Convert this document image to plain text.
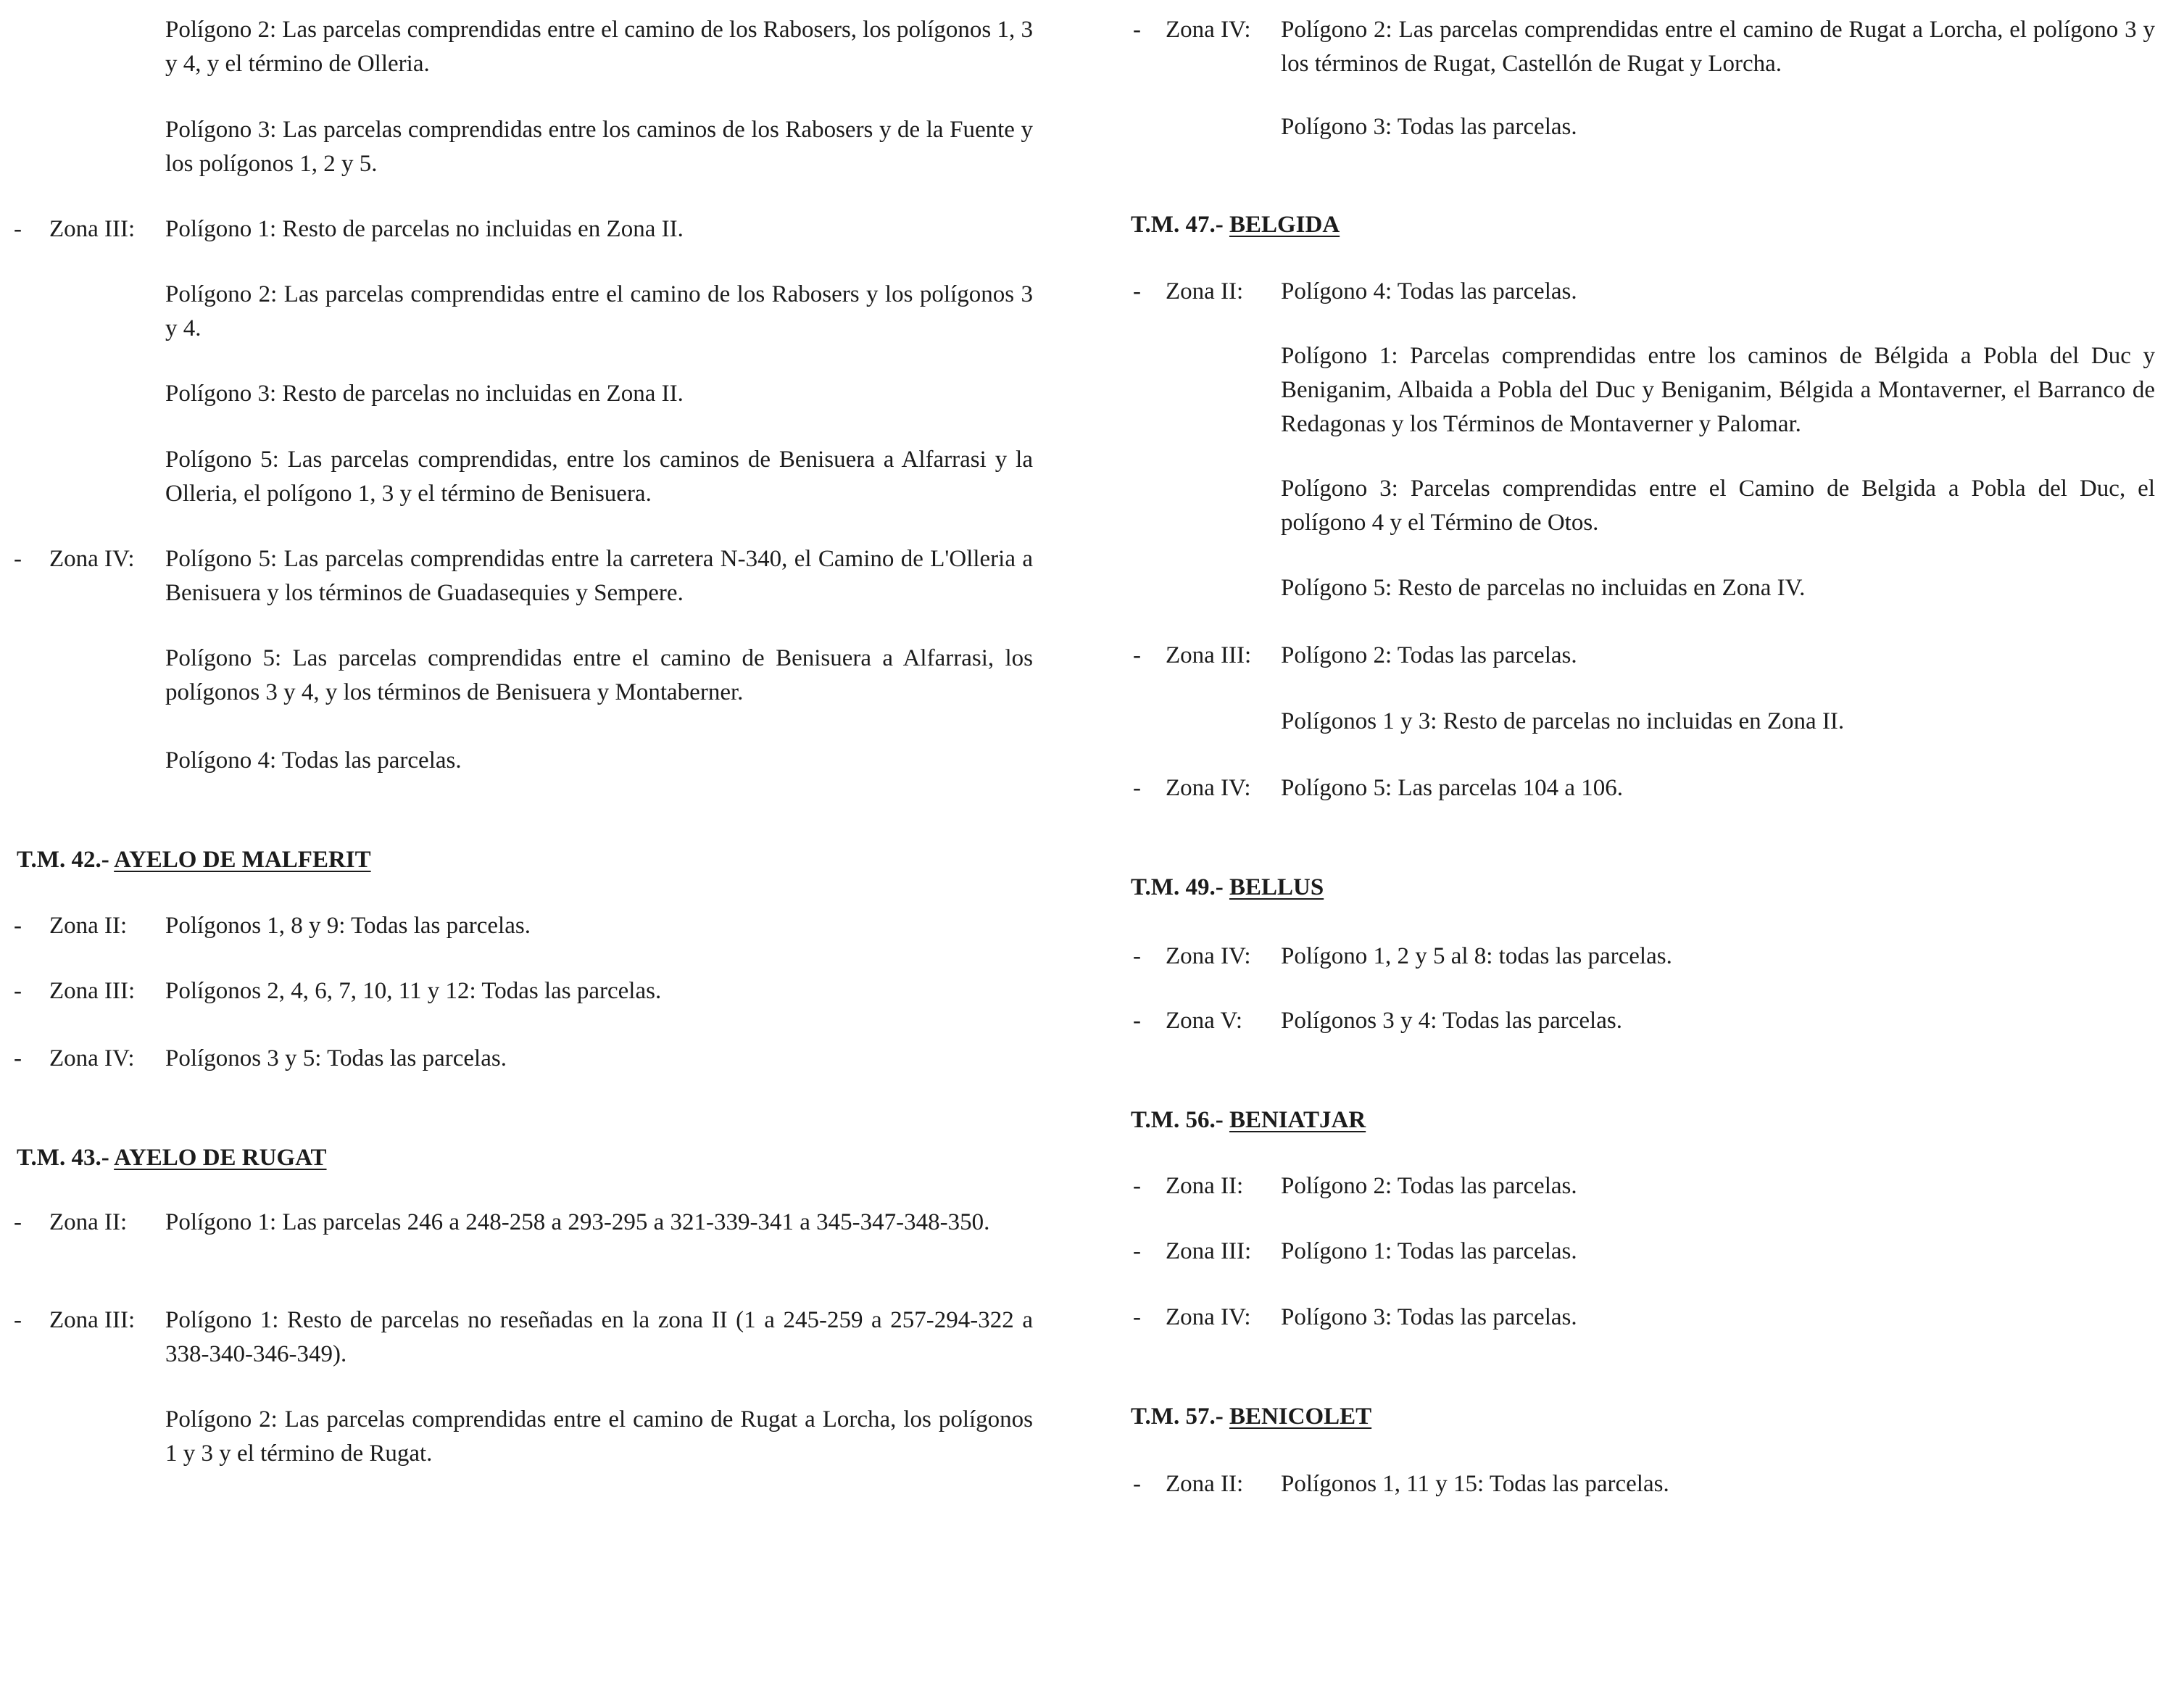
Polígono 2: Las parcelas comprendidas entre el camino de los Rabosers, los polígonos 1, 3 y 4, y el término de Olleria.
Polígono 3: Las parcelas comprendidas entre los caminos de los Rabosers y de la Fuente y los polígonos 1, 2 y 5.
- Zona III: Polígono 1: Resto de parcelas no incluidas en Zona II.
Polígono 2: Las parcelas comprendidas entre el camino de los Rabosers y los polígonos 3 y 4.
Polígono 3: Resto de parcelas no incluidas en Zona II.
Polígono 5: Las parcelas comprendidas, entre los caminos de Benisuera a Alfarrasi y la Olleria, el polígono 1, 3 y el término de Benisuera.
- Zona IV: Polígono 5: Las parcelas comprendidas entre la carretera N-340, el Camino de L'Olleria a Benisuera y los términos de Guadasequies y Sempere.
Polígono 5: Las parcelas comprendidas entre el camino de Benisuera a Alfarrasi, los polígonos 3 y 4, y los términos de Benisuera y Montaberner.
Polígono 4: Todas las parcelas.
T.M. 42.- AYELO DE MALFERIT
- Zona II: Polígonos 1, 8 y 9: Todas las parcelas.
- Zona III: Polígonos 2, 4, 6, 7, 10, 11 y 12: Todas las parcelas.
- Zona IV: Polígonos 3 y 5: Todas las parcelas.
T.M. 43.- AYELO DE RUGAT
- Zona II: Polígono 1: Las parcelas 246 a 248-258 a 293-295 a 321-339-341 a 345-347-348-350.
- Zona III: Polígono 1: Resto de parcelas no reseñadas en la zona II (1 a 245-259 a 257-294-322 a 338-340-346-349).
Polígono 2: Las parcelas comprendidas entre el camino de Rugat a Lorcha, los polígonos 1 y 3 y el término de Rugat.
- Zona IV: Polígono 2: Las parcelas comprendidas entre el camino de Rugat a Lorcha, el polígono 3 y los términos de Rugat, Castellón de Rugat y Lorcha.
Polígono 3: Todas las parcelas.
T.M. 47.- BELGIDA
- Zona II: Polígono 4: Todas las parcelas.
Polígono 1: Parcelas comprendidas entre los caminos de Bélgida a Pobla del Duc y Beniganim, Albaida a Pobla del Duc y Beniganim, Bélgida a Montaverner, el Barranco de Redagonas y los Términos de Montaverner y Palomar.
Polígono 3: Parcelas comprendidas entre el Camino de Belgida a Pobla del Duc, el polígono 4 y el Término de Otos.
Polígono 5: Resto de parcelas no incluidas en Zona IV.
- Zona III: Polígono 2: Todas las parcelas.
Polígonos 1 y 3: Resto de parcelas no incluidas en Zona II.
- Zona IV: Polígono 5: Las parcelas 104 a 106.
T.M. 49.- BELLUS
- Zona IV: Polígono 1, 2 y 5 al 8: todas las parcelas.
- Zona V: Polígonos 3 y 4: Todas las parcelas.
T.M. 56.- BENIATJAR
- Zona II: Polígono 2: Todas las parcelas.
- Zona III: Polígono 1: Todas las parcelas.
- Zona IV: Polígono 3: Todas las parcelas.
T.M. 57.- BENICOLET
- Zona II: Polígonos 1, 11 y 15: Todas las parcelas.
